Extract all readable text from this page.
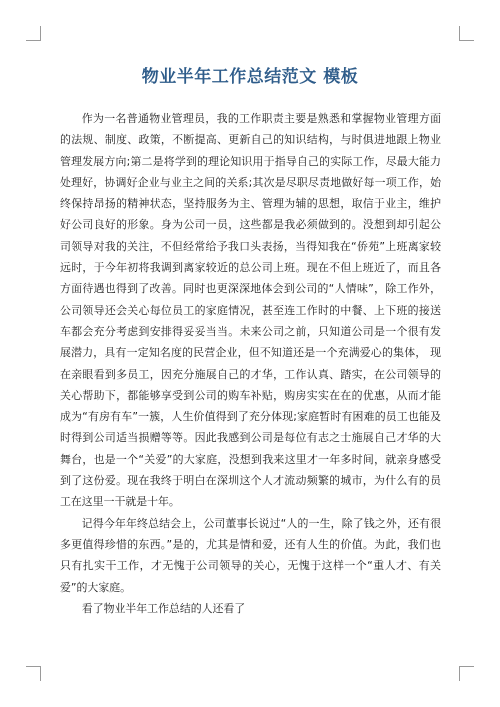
物业半年工作总结范文 模板

作为一名普通物业管理员，我的工作职责主要是熟悉和掌握物业管理方面的法规、制度、政策，不断提高、更新自己的知识结构，与时俱进地跟上物业管理发展方向;第二是将学到的理论知识用于指导自己的实际工作，尽最大能力处理好，协调好企业与业主之间的关系;其次是尽职尽责地做好每一项工作，始终保持昂扬的精神状态，坚持服务为主、管理为辅的思想，取信于业主，维护好公司良好的形象。身为公司一员，这些都是我必须做到的。没想到却引起公司领导对我的关注，不但经常给予我口头表扬，当得知我在“侨苑”上班离家较远时，于今年初将我调到离家较近的总公司上班。现在不但上班近了，而且各方面待遇也得到了改善。同时也更深深地体会到公司的“人情味”，除工作外，公司领导还会关心每位员工的家庭情况，甚至连工作时的中餐、上下班的接送车都会充分考虑到安排得妥妥当当。未来公司之前，只知道公司是一个很有发展潜力，具有一定知名度的民营企业，但不知道还是一个充满爱心的集体， 现在亲眼看到多员工，因充分施展自己的才华，工作认真、踏实，在公司领导的关心帮助下，都能够享受到公司的购车补贴，购房实实在在的优惠，从而才能成为“有房有车”一簇，人生价值得到了充分体现;家庭暂时有困难的员工也能及时得到公司适当损赠等等。因此我感到公司是每位有志之士施展自己才华的大舞台，也是一个“关爱”的大家庭，没想到我来这里才一年多时间，就亲身感受到了这份爱。现在我终于明白在深圳这个人才流动频繁的城市，为什么有的员工在这里一干就是十年。

记得今年年终总结会上，公司董事长说过“人的一生，除了钱之外，还有很多更值得珍惜的东西。”是的，尤其是情和爱，还有人生的价值。为此，我们也只有扎实干工作，才无愧于公司领导的关心，无愧于这样一个“重人才、有关爱”的大家庭。

看了物业半年工作总结的人还看了
